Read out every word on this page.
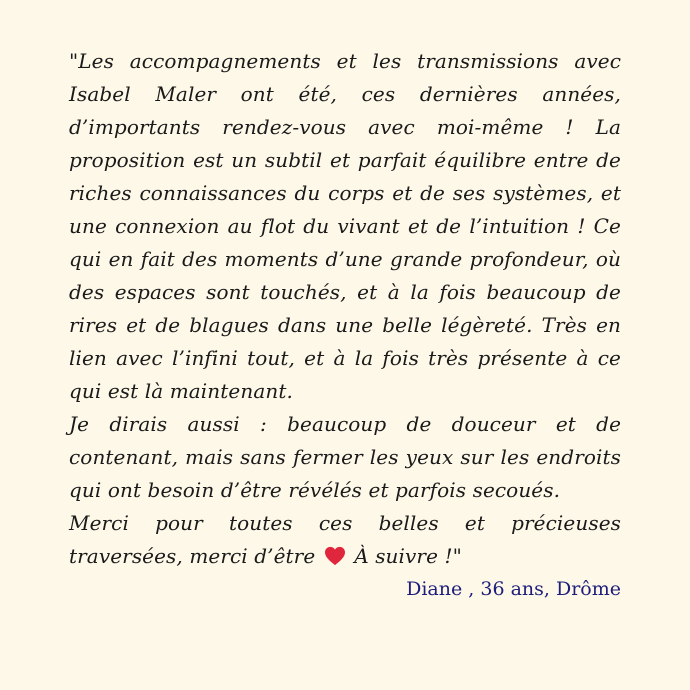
"Les accompagnements et les transmissions avec Isabel Maler ont été, ces dernières années, d’importants rendez-vous avec moi-même ! La proposition est un subtil et parfait équilibre entre de riches connaissances du corps et de ses systèmes, et une connexion au flot du vivant et de l’intuition ! Ce qui en fait des moments d’une grande profondeur, où des espaces sont touchés, et à la fois beaucoup de rires et de blagues dans une belle légèreté. Très en lien avec l’infini tout, et à la fois très présente à ce qui est là maintenant.

Je dirais aussi : beaucoup de douceur et de contenant, mais sans fermer les yeux sur les endroits qui ont besoin d’être révélés et parfois secoués.

Merci pour toutes ces belles et précieuses traversées, merci d’être  À suivre !"

Diane , 36 ans, Drôme
